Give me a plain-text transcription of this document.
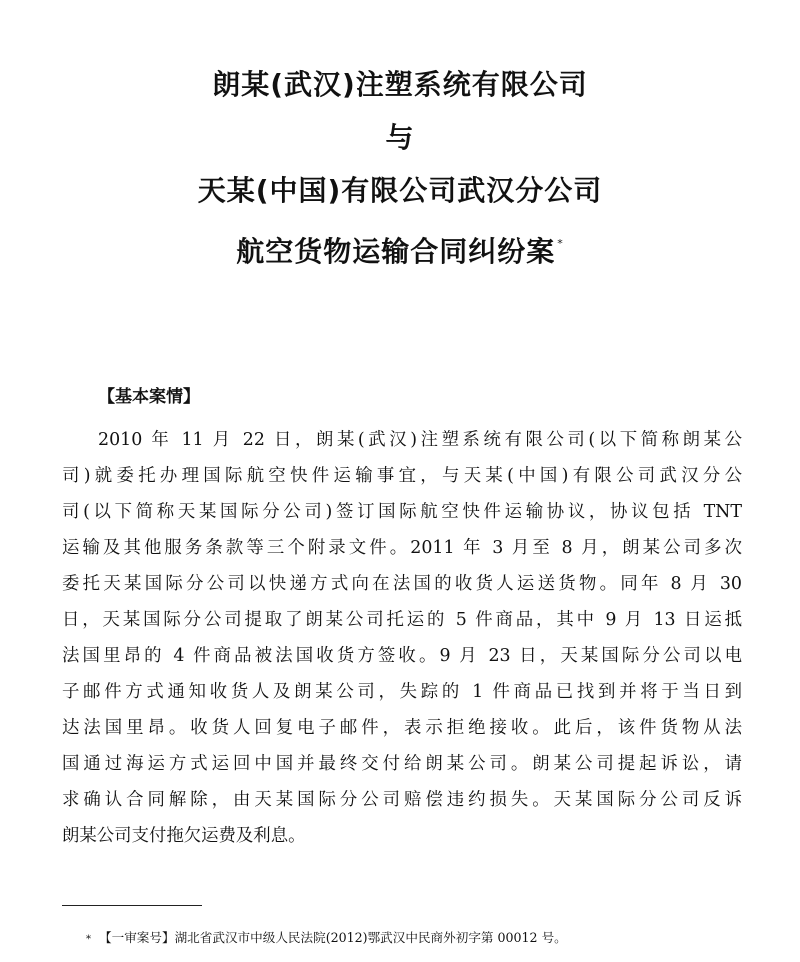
朗某(武汉)注塑系统有限公司
与
天某(中国)有限公司武汉分公司
航空货物运输合同纠纷案 *
【基本案情】
2010 年 11 月 22 日，朗某(武汉)注塑系统有限公司(以下简称朗某公
司)就委托办理国际航空快件运输事宜，与天某(中国)有限公司武汉分公
司(以下简称天某国际分公司)签订国际航空快件运输协议，协议包括 TNT
运输及其他服务条款等三个附录文件。2011 年 3 月至 8 月，朗某公司多次
委托天某国际分公司以快递方式向在法国的收货人运送货物。同年 8 月 30
日，天某国际分公司提取了朗某公司托运的 5 件商品，其中 9 月 13 日运抵
法国里昂的 4 件商品被法国收货方签收。9 月 23 日，天某国际分公司以电
子邮件方式通知收货人及朗某公司，失踪的 1 件商品已找到并将于当日到
达法国里昂。收货人回复电子邮件，表示拒绝接收。此后，该件货物从法
国通过海运方式运回中国并最终交付给朗某公司。朗某公司提起诉讼，请
求确认合同解除，由天某国际分公司赔偿违约损失。天某国际分公司反诉
朗某公司支付拖欠运费及利息。
* 【一审案号】湖北省武汉市中级人民法院(2012)鄂武汉中民商外初字第 00012 号。
